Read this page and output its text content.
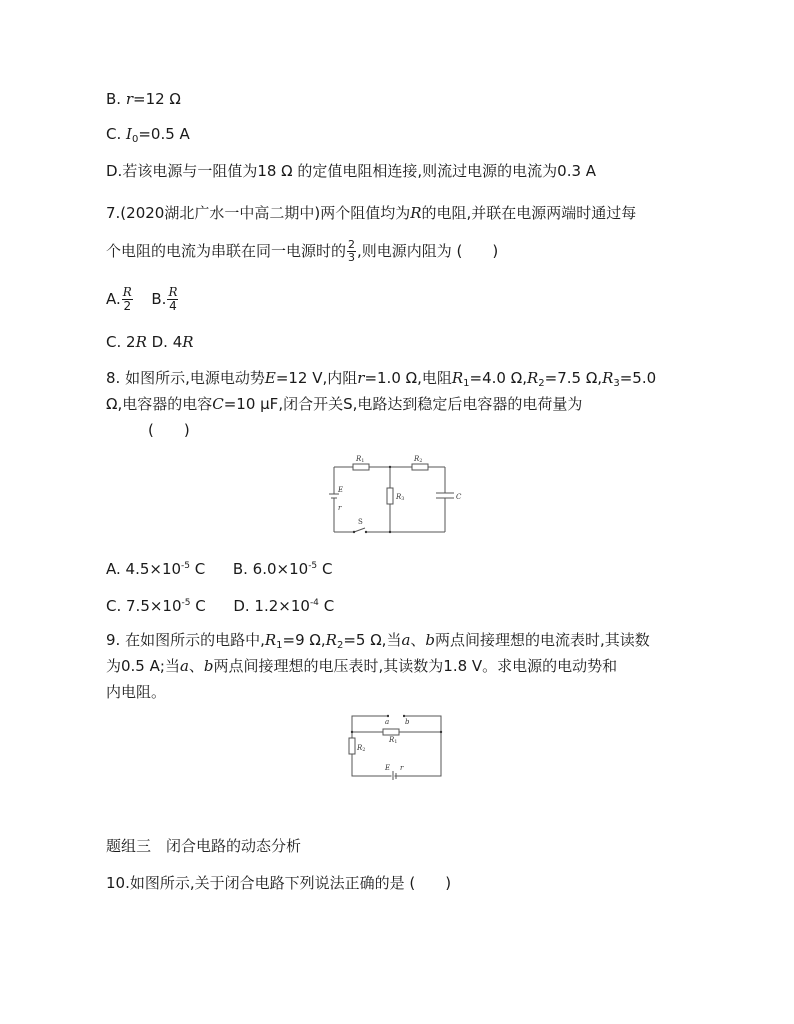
B. r=12 Ω
C. $I_0=0.5$ A
D.若该电源与一阻值为18 Ω 的定值电阻相连接,则流过电源的电流为0.3 A
7.(2020湖北广水一中高二期中)两个阻值均为R的电阻,并联在电源两端时通过每
个电阻的电流为串联在同一电源时的 $\frac{2}{3}$ ,则电源内阻为 (　　)
A. $\frac{R}{2} B$. $\frac{R}{4}$
C. 2R D. 4R
8. 如图所示,电源电动势E=12 V,内阻r=1.0 Ω,电阻$R_1=4.0$ $\Omega,R_2=7.5$ $\Omega,R_3=5.0$
Ω,电容器的电容C=10 μF,闭合开关S,电路达到稳定后电容器的电荷量为
(　　)
R1	R2
R3
E
r
S
C
A. $4.5\times 10^{-5}$ C B. $6.0\times 10^{-5}$ C
C. $7.5\times 10^{-5}$ C D. $1.2\times 10^{-4}$ C
9. 在如图所示的电路中$,R_1=9$ $\Omega,R_2=5$ Ω,当a、b两点间接理想的电流表时,其读数
为0.5 A;当a、b两点间接理想的电压表时,其读数为1.8 V。求电源的电动势和
内电阻。
a b
R1
R2
E r
题组三　闭合电路的动态分析
10.如图所示,关于闭合电路下列说法正确的是 (　　)
